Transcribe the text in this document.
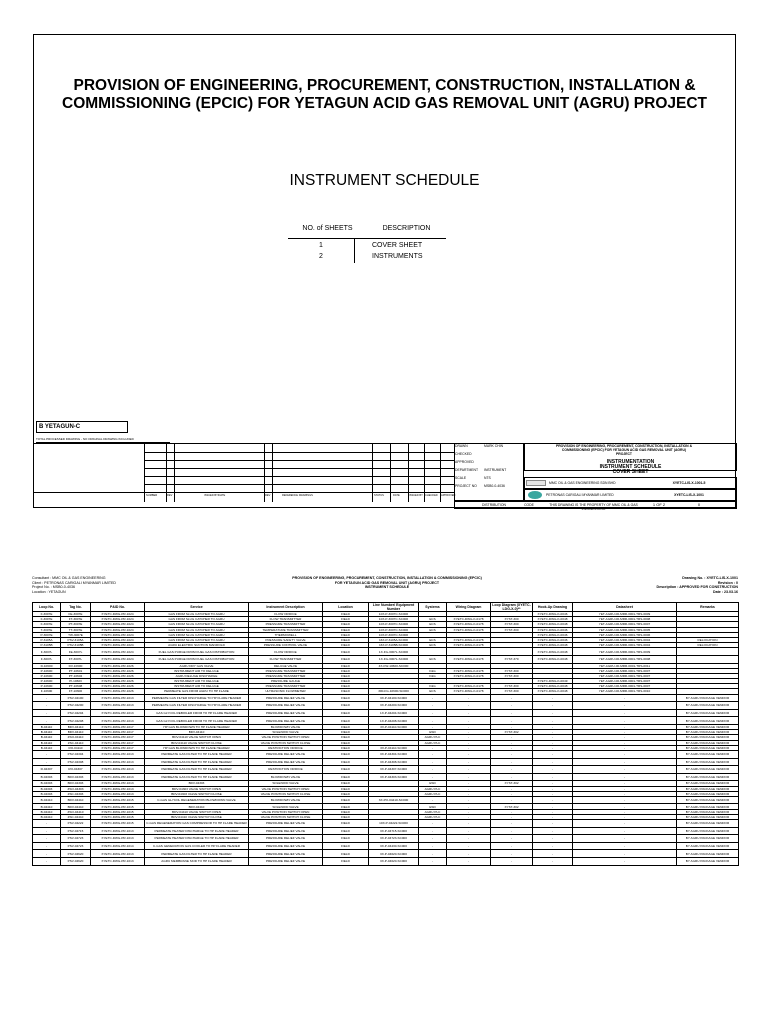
PROVISION OF ENGINEERING, PROCUREMENT, CONSTRUCTION, INSTALLATION & COMMISSIONING (EPCIC) FOR YETAGUN ACID GAS REMOVAL UNIT (AGRU) PROJECT
INSTRUMENT SCHEDULE
NO. of SHEETS	DESCRIPTION
1	COVER SHEET
2	INSTRUMENTS
B YETAGUN-C
TOTAL PROCESSED DRAWING - NO ORIGINAL DRAWING INCLUDED
NUMBER	REV	ISSUED BY/DATE	REV	REFERENCE DRAWINGS	STATUS	DATE	ISSUED BY CHECKED APPROVED
DRAWN
CHECKED
APPROVED
DEPARTMENT
SCALE
PROJECT NO
MARK CHIN
INSTRUMENT
NTS
MSB0-0-4036
PROVISION OF ENGINEERING, PROCUREMENT, CONSTRUCTION, INSTALLATION & COMMISSIONING (EPCIC) FOR YETAGUN ACID GAS REMOVAL UNIT (AGRU) PROJECT
INSTRUMENTATION
INSTRUMENT SCHEDULE
COVER SHEET
MMC OIL & GAS ENGINEERING SDN BHD	XYETC-LIS-X-1001-5
PETRONAS CARIGALI MYANMAR LIMITED	XYETC-LIS-X-1001
DISTRIBUTION	CODE	THIS DRAWING IS THE PROPERTY OF MMC OIL & GAS ENGINEERING
1 OF 2	0
Consultant : MMC OIL & GAS ENGINEERING
Client : PETRONAS CARIGALI MYANMAR LIMITED
Project No. : MSB0-0-4036
Location : YETAGUN
PROVISION OF ENGINEERING, PROCUREMENT, CONSTRUCTION, INSTALLATION & COMMISSIONING (EPCIC)
FOR YETAGUN ACID GAS REMOVAL UNIT (AGRU) PROJECT
INSTRUMENT SCHEDULE
Drawing No. : XYETC-LIS-X-1001
Revision : 0
Description : APPROVED FOR CONSTRUCTION
Date : 23.03.16
Loop No.	Tag No.	P&ID No.	Service	Instrument Description	Location	Line Number/ Equipment Number	Systems	Wiring Diagram	Loop Diagram (XYETC-LDG-X-0)**	Hook-Up Drawing	Datasheet	Remarks
F-3007E	FE-3007E	XYETC-DWG-PR-1024	GAS FROM SLUG CATCHER TO AGRU	FLOW ORIFICE	FIELD	10X-P-3007C-SC000				XYETC-DWG-K-0046	YET-AGRU-00-MRR-0001-TRS-0009	
F-3007E	FT-3007E	XYETC-DWG-PR-1024	GAS FROM SLUG CATCHER TO AGRU	FLOW TRANSMITTER	FIELD	10X-P-3007C-SC000	ECS	XYETC-DWG-K-0178	XYST-300	XYETC-DWG-K-0048	YET-AGRU-00-MRR-0001-TRS-0008	
F-3007E	PT-3007E	XYETC-DWG-PR-1024	GAS FROM SLUG CATCHER TO AGRU	PRESSURE TRANSMITTER	FIELD	10X-P-3007C-SC000	ECS	XYETC-DWG-K-0178	XYST-300	XYETC-DWG-K-0048	YET-AGRU-00-MRR-0001-TRS-0007	
T-3007E	TT-3007E	XYETC-DWG-PR-1024	GAS FROM SLUG CATCHER TO AGRU	TEMPERATURE TRANSMITTER	FIELD	10X-P-3007C-SC000	ECS	XYETC-DWG-K-0178	XYST-300	XYETC-DWG-K-0046	YET-AGRU-00-MRR-0001-TRS-0005	
P-3007E	TW-3007E	XYETC-DWG-PR-1024	GAS FROM SLUG CATCHER TO AGRU	THERMOWELL	FIELD	10X-P-3007C-SC000				XYETC-DWG-K-0046	YET-AGRU-00-MRR-0001-TRS-0006	
P-3105A	PSV-3105A	XYETC-DWG-PR-1024	GAS FROM SLUG CATCHER TO AGRU	PRESSURE SAFETY VALVE	FIELD	16X-P-3105A-SC000	ECS	XYETC-DWG-K-0178		XYETC-DWG-K-0046	YET-AGRU-00-MRR-0001-TRS-0004	RELOCATION
P-3105B	PSV-3105B	XYETC-DWG-PR-1024	AGRU ELECTRIC SUCTION MANIFOLD	PRESSURE CONTROL VALVE	FIELD	16X-P-3105B-SC000	ECS	XYETC-DWG-K-0178		XYETC-DWG-K-0048	YET-AGRU-00-MRR-0001-TRS-0004	RELOCATION
F-3007L	FE-3007L	XYETC-DWG-PR-1024	FUEL GAS PURGE FROM FUEL GAS DISTRIBUTION	FLOW ORIFICE	FIELD	1X-FG-3007L-SC000				XYETC-DWG-K-0048	YET-AGRU-00-MRR-0001-TRS-0009	
F-3007L	FT-3007L	XYETC-DWG-PR-1024	FUEL GAS PURGE FROM FUEL GAS DISTRIBUTION	FLOW TRANSMITTER	FIELD	1X-FG-3007L-SC000	ECS	XYETC-DWG-K-0178	XYST-370	XYETC-DWG-K-0048	YET-AGRU-00-MRR-0001-TRS-0008	
D-10600	DV-10600	XYETC-DWG-PR-1026	AGRU DRY GAS VALVE	DELUGE VALVE	FIELD	4X-FW-10600-SC000					YET-AGRU-00-MRR-0001-TRS-0011	
P-10600	PT-10601	XYETC-DWG-PR-1026	INSTRUMENT AIR TO DELUGE	PRESSURE TRANSMITTER	FIELD		F&G	XYETC-DWG-K-0178	XYST-300		YET-AGRU-00-MRR-0001-TRS-0007	
P-10600	PT-10602	XYETC-DWG-PR-1026	AGRU DELUGE DISCHARGE	PRESSURE TRANSMITTER	FIELD		F&G	XYETC-DWG-K-0178	XYST-300		YET-AGRU-00-MRR-0001-TRS-0007	
P-10600	PI-10603	XYETC-DWG-PR-1026	INSTRUMENT AIR TO DELUGE	PRESSURE GAUGE	FIELD					XYETC-DWG-K-0049	YET-AGRU-00-MRR-0001-TRS-0007	
P-10600	PT-10608	XYETC-DWG-PR-1026	INSTRUMENT AIR TO DELUGE	PRESSURE TRANSMITTER	FIELD		F&G	XYETC-DWG-K-0178	XYST-300	XYETC-DWG-K-0048	YET-AGRU-00-MRR-0001-TRS-0007	
F-10600	FT-10600	XYETC-DWG-PR-1026	PERMEATE GAS FROM AGRU TO HP FLARE	ULTRASONIC FLOWMETER	FIELD	300-FG-10600-SC000	ECS	XYETC-DWG-K-0178	XYST-300	XYETC-DWG-K-0048	YET-AGRU-00-MRR-0001-TRS-0010	
-	PSV-04100	XYETC-DWG-PR-1013	PERMEATE GAS FILTER DISCHARGE TO HP FLARE HEADER	PRESSURE RELIEF VALVE	FIELD	3X-P-04100-SC000	-	-	-	-	-	BY AGRU PACKAGE VENDOR
-	PSV-04200	XYETC-DWG-PR-1013	PERMEATE GAS FILTER DISCHARGE TO HP FLARE HEADER	PRESSURE RELIEF VALVE	FIELD	3X-P-04200-SC000	-	-	-	-	-	BY AGRU PACKAGE VENDOR
-	PSV-04204	XYETC-DWG-PR-1013	GAS GLYCOL REBOILER FROM TO HP FLARE HEADER	PRESSURE RELIEF VALVE	FIELD	1X-P-04204-SC000	-	-	-	-	-	BY AGRU PACKAGE VENDOR
-	PSV-04208	XYETC-DWG-PR-1013	GAS GLYCOL REBOILER FROM TO HP FLARE HEADER	PRESSURE RELIEF VALVE	FIELD	1X-P-04208-SC000	-	-	-	-	-	BY AGRU PACKAGE VENDOR
B-04110	BDV-04110	XYETC-DWG-PR-1017	HP GAS BLOWDOWN TO HP FLARE HEADER	BLOWDOWN VALVE	FIELD	3X-P-04110-SC000	-	-	-	-	-	BY AGRU PACKAGE VENDOR
B-04110	BDV-04110	XYETC-DWG-PR-1017	BDV-04110	SOLENOID VALVE	FIELD		ESD	-	XYST-302	-	-	BY AGRU PACKAGE VENDOR
B-04110	ZSO-04110	XYETC-DWG-PR-1017	BDV-04110 VALVE SWITCH OPEN	VALVE POSITION SWITCH OPEN	FIELD		AGRU PLC	-	-	-	-	BY AGRU PACKAGE VENDOR
B-04110	ZSC-04110	XYETC-DWG-PR-1017	BDV-04110 VALVE SWITCH CLOSE	VALVE POSITION SWITCH CLOSE	FIELD		AGRU PLC	-	-	-	-	BY AGRU PACKAGE VENDOR
B-04110	RO-04110	XYETC-DWG-PR-1017	HP GAS BLOWDOWN TO HP FLARE HEADER	RESTRICTION ORIFICE	FIELD	3X-P-04110-SC000	-	-	-	-	-	BY AGRU PACKAGE VENDOR
-	PSV-04304	XYETC-DWG-PR-1013	PERMEATE GAS FILTER TO HP FLARE HEADER	PRESSURE RELIEF VALVE	FIELD	3X-P-04304-SC000	-	-	-	-	-	BY AGRU PACKAGE VENDOR
-	PSV-04308	XYETC-DWG-PR-1013	PERMEATE GAS FILTER TO HP FLARE HEADER	PRESSURE RELIEF VALVE	FIELD	3X-P-04308-SC000	-	-	-	-	-	BY AGRU PACKAGE VENDOR
R-04307	RO-04307	XYETC-DWG-PR-1013	PERMEATE GAS FILTER TO HP FLARE HEADER	RESTRICTION ORIFICE	FIELD	3X-P-04307-SC000	-	-	-	-	-	BY AGRU PACKAGE VENDOR
B-04303	BDV-04303	XYETC-DWG-PR-1013	PERMEATE GAS FILTER TO HP FLARE HEADER	BLOWDOWN VALVE	FIELD	3X-P-04303-SC000	-	-	-	-	-	BY AGRU PACKAGE VENDOR
B-04303	BDV-04303	XYETC-DWG-PR-1013	BDV-04303	SOLENOID VALVE	FIELD		ESD	-	XYST-302	-	-	BY AGRU PACKAGE VENDOR
B-04303	ZSO-04303	XYETC-DWG-PR-1013	BDV-04303 VALVE SWITCH OPEN	VALVE POSITION SWITCH OPEN	FIELD		AGRU PLC	-	-	-	-	BY AGRU PACKAGE VENDOR
B-04303	ZSC-04303	XYETC-DWG-PR-1013	BDV-04303 VALVE SWITCH CLOSE	VALVE POSITION SWITCH CLOSE	FIELD		AGRU PLC	-	-	-	-	BY AGRU PACKAGE VENDOR
B-04410	BDV-04410	XYETC-DWG-PR-1015	C-GAS GLYCOL REGENERATION BLOWDOWN VALVE	BLOWDOWN VALVE	FIELD	3X-PO-04410-SC000	-	-	-	-	-	BY AGRU PACKAGE VENDOR
B-04410	BDV-04410	XYETC-DWG-PR-1015	BDV-04410	SOLENOID VALVE	FIELD		ESD	-	XYST-302	-	-	BY AGRU PACKAGE VENDOR
B-04410	ZSO-04410	XYETC-DWG-PR-1015	BDV-04410 VALVE SWITCH OPEN	VALVE POSITION SWITCH OPEN	FIELD		AGRU PLC	-	-	-	-	BY AGRU PACKAGE VENDOR
B-04410	ZSC-04410	XYETC-DWG-PR-1015	BDV-04410 VALVE SWITCH CLOSE	VALVE POSITION SWITCH CLOSE	FIELD		AGRU PLC	-	-	-	-	BY AGRU PACKAGE VENDOR
-	PSV-04222	XYETC-DWG-PR-1015	C-GAS REGENERATION GAS COMPRESSOR TO HP FLARE HEADER	PRESSURE RELIEF VALVE	FIELD	10X-P-04222-SC000	-	-	-	-	-	BY AGRU PACKAGE VENDOR
-	PSV-04715	XYETC-DWG-PR-1013	PERMEATE HEATER DISCHARGE TO HP FLARE HEADER	PRESSURE RELIEF VALVE	FIELD	3X-P-04715-SC000	-	-	-	-	-	BY AGRU PACKAGE VENDOR
-	PSV-04723	XYETC-DWG-PR-1013	PERMEATE HEATER DISCHARGE TO HP FLARE HEADER	PRESSURE RELIEF VALVE	FIELD	3X-P-04723-SC000	-	-	-	-	-	BY AGRU PACKAGE VENDOR
-	PSV-04723	XYETC-DWG-PR-1014	C-GAS GENERATION GAS COOLER TO HP FLARE HEADER	PRESSURE RELIEF VALVE	FIELD	3X-P-04430-SC000	-	-	-	-	-	BY AGRU PACKAGE VENDOR
-	PSV-04620	XYETC-DWG-PR-1013	PERMEATE GAS FILTER TO HP FLARE HEADER	PRESSURE RELIEF VALVE	FIELD	3X-P-04620-SC000	-	-	-	-	-	BY AGRU PACKAGE VENDOR
-	PSV-04620	XYETC-DWG-PR-1013	AGRU MEMBRANE SKID TO HP FLARE HEADER	PRESSURE RELIEF VALVE	FIELD	3X-P-04620-SC000	-	-	-	-	-	BY AGRU PACKAGE VENDOR
